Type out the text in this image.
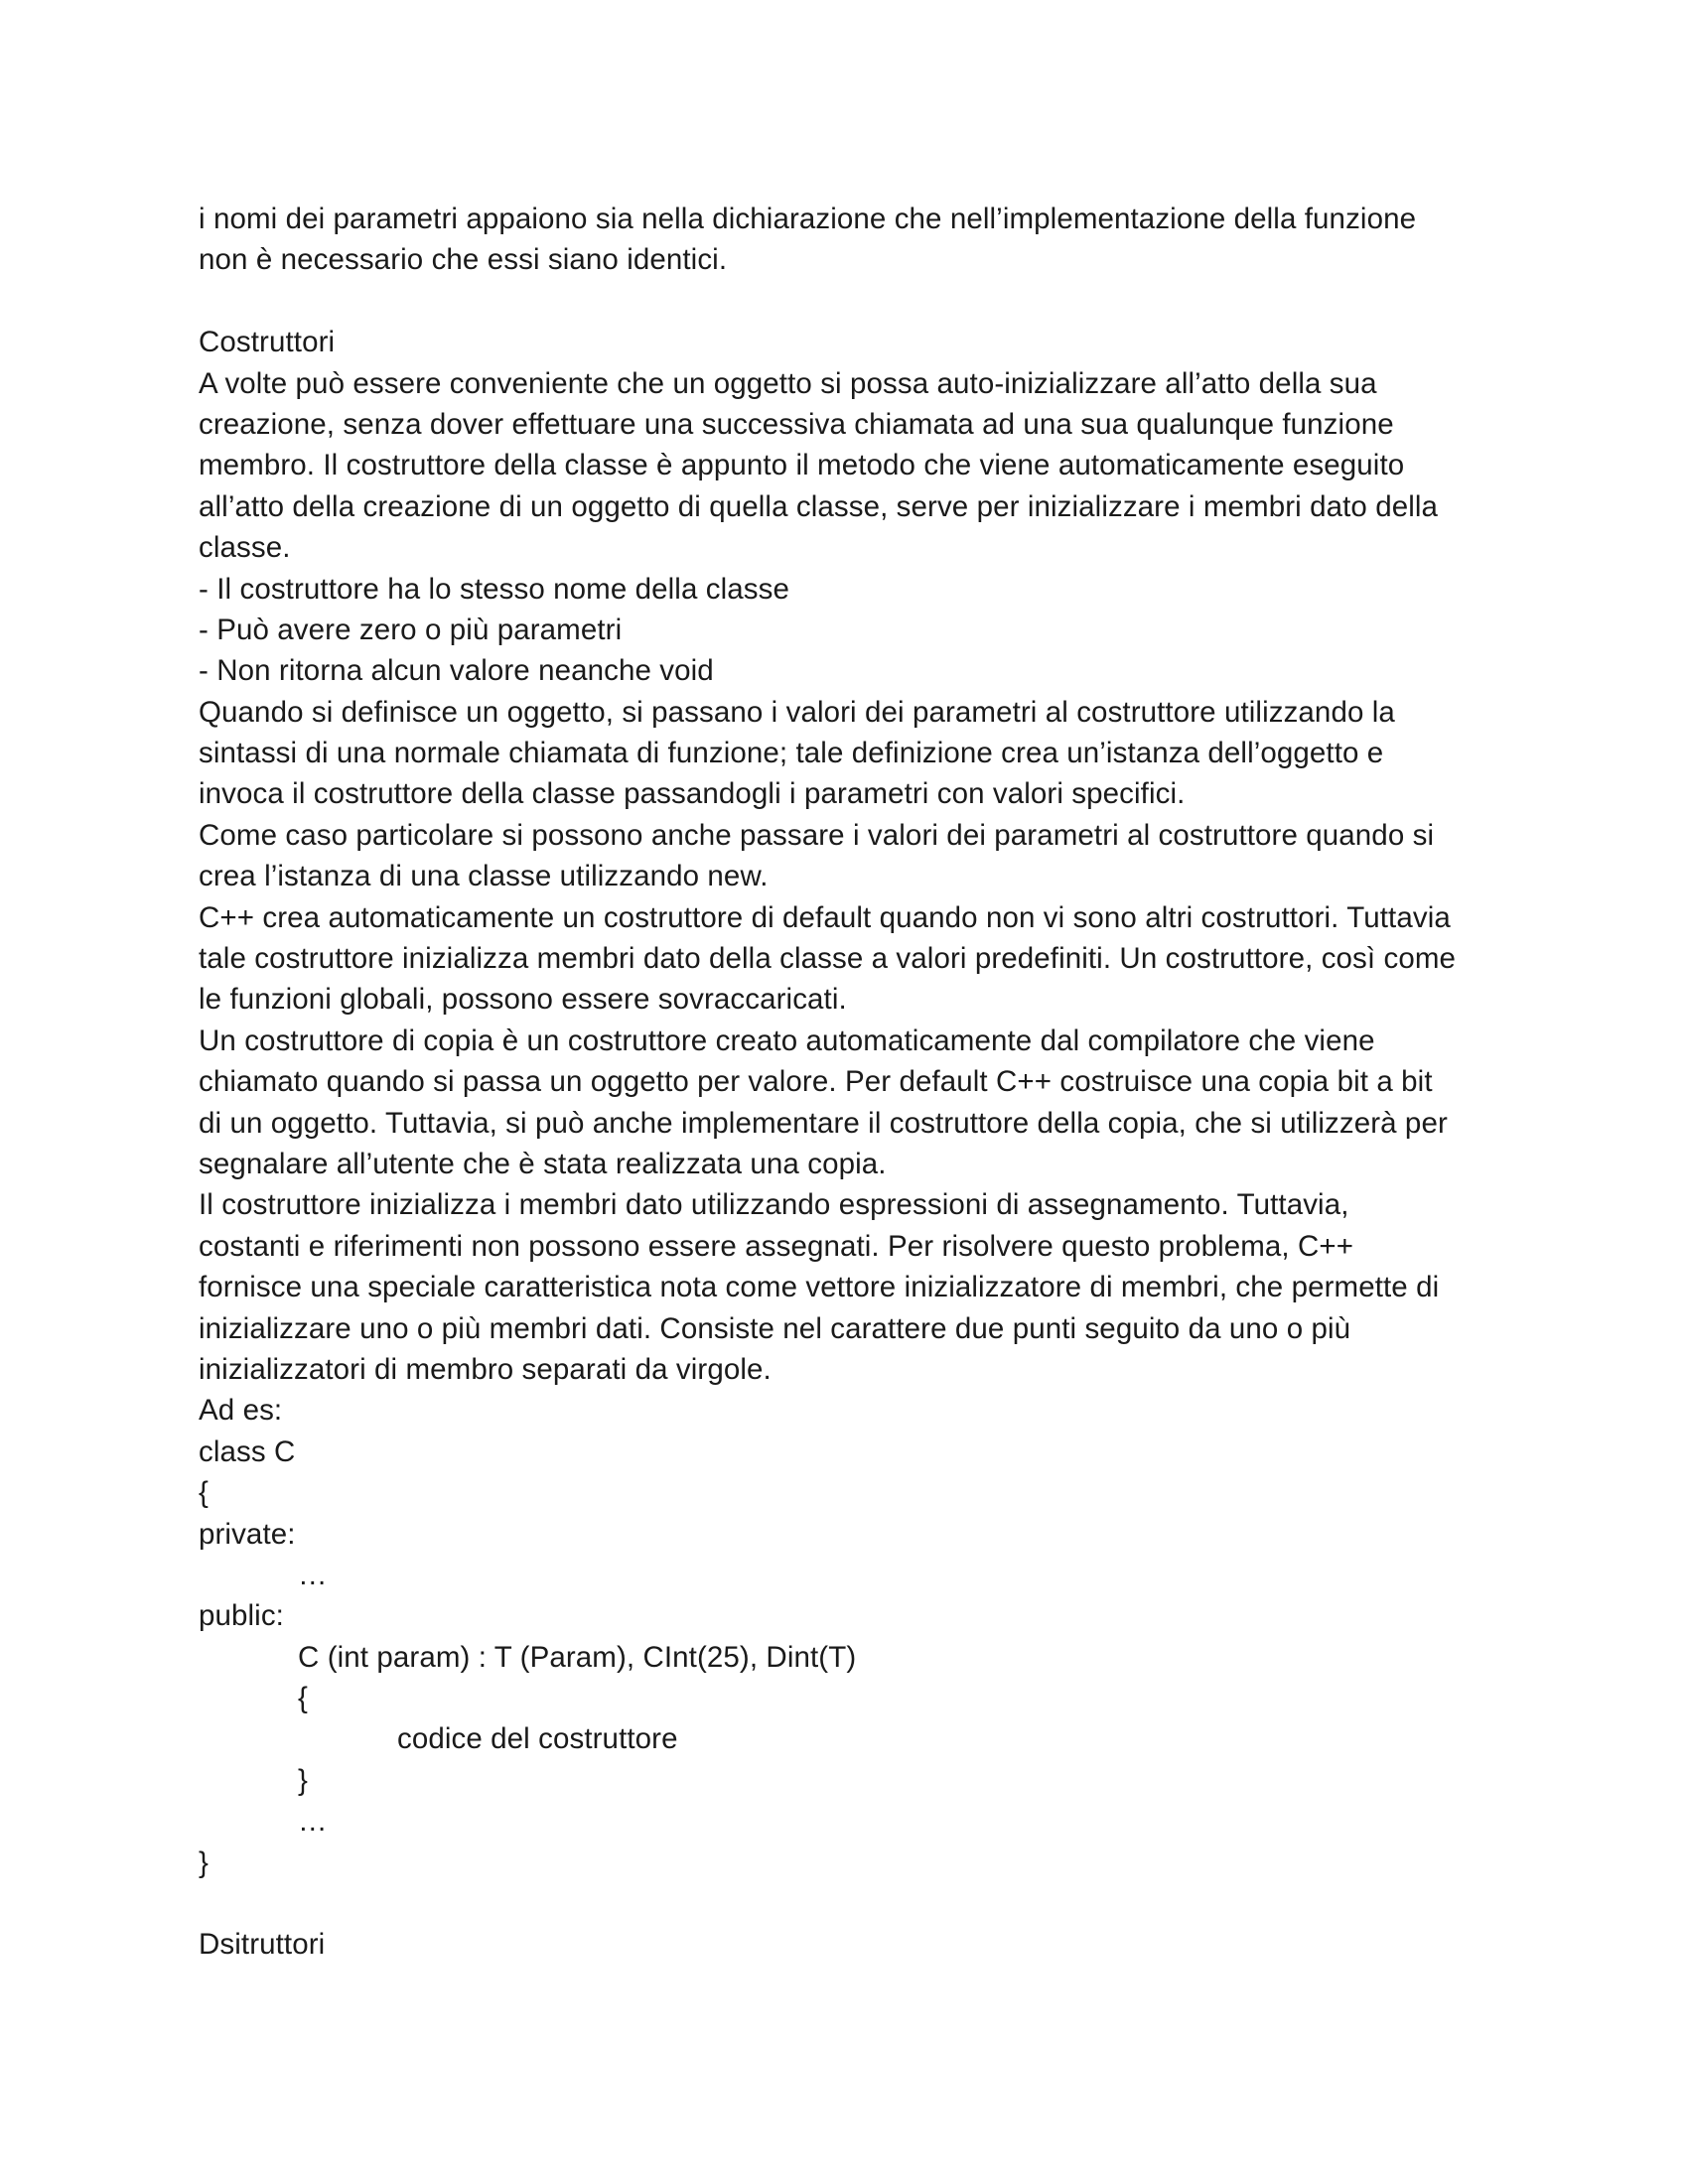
i nomi dei parametri appaiono sia nella dichiarazione che nell’implementazione della funzione
non è necessario che essi siano identici.
Costruttori
A volte può essere conveniente che un oggetto si possa auto-inizializzare all’atto della sua
creazione, senza dover effettuare una successiva chiamata ad una sua qualunque funzione
membro. Il costruttore della classe è appunto il metodo che viene automaticamente eseguito
all’atto della creazione di un oggetto di quella classe, serve per inizializzare i membri dato della
classe.
- Il costruttore ha lo stesso nome della classe
- Può avere zero o più parametri
- Non ritorna alcun valore neanche void
Quando si definisce un oggetto, si passano i valori dei parametri al costruttore utilizzando la
sintassi di una normale chiamata di funzione; tale definizione crea un’istanza dell’oggetto e
invoca il costruttore della classe passandogli i parametri con valori specifici.
Come caso particolare si possono anche passare i valori dei parametri al costruttore quando si
crea l’istanza di una classe utilizzando new.
C++ crea automaticamente un costruttore di default quando non vi sono altri costruttori. Tuttavia
tale costruttore inizializza membri dato della classe a valori predefiniti. Un costruttore, così come
le funzioni globali, possono essere sovraccaricati.
Un costruttore di copia è un costruttore creato automaticamente dal compilatore che viene
chiamato quando si passa un oggetto per valore. Per default C++ costruisce una copia bit a bit
di un oggetto. Tuttavia, si può anche implementare il costruttore della copia, che si utilizzerà per
segnalare all’utente che è stata realizzata una copia.
Il costruttore inizializza i membri dato utilizzando espressioni di assegnamento. Tuttavia,
costanti e riferimenti non possono essere assegnati. Per risolvere questo problema, C++
fornisce una speciale caratteristica nota come vettore inizializzatore di membri, che permette di
inizializzare uno o più membri dati. Consiste nel carattere due punti seguito da uno o più
inizializzatori di membro separati da virgole.
Ad es:
class C
{
private:
…
public:
C (int param) : T (Param), CInt(25), Dint(T)
{
codice del costruttore
}
…
}
Dsitruttori
